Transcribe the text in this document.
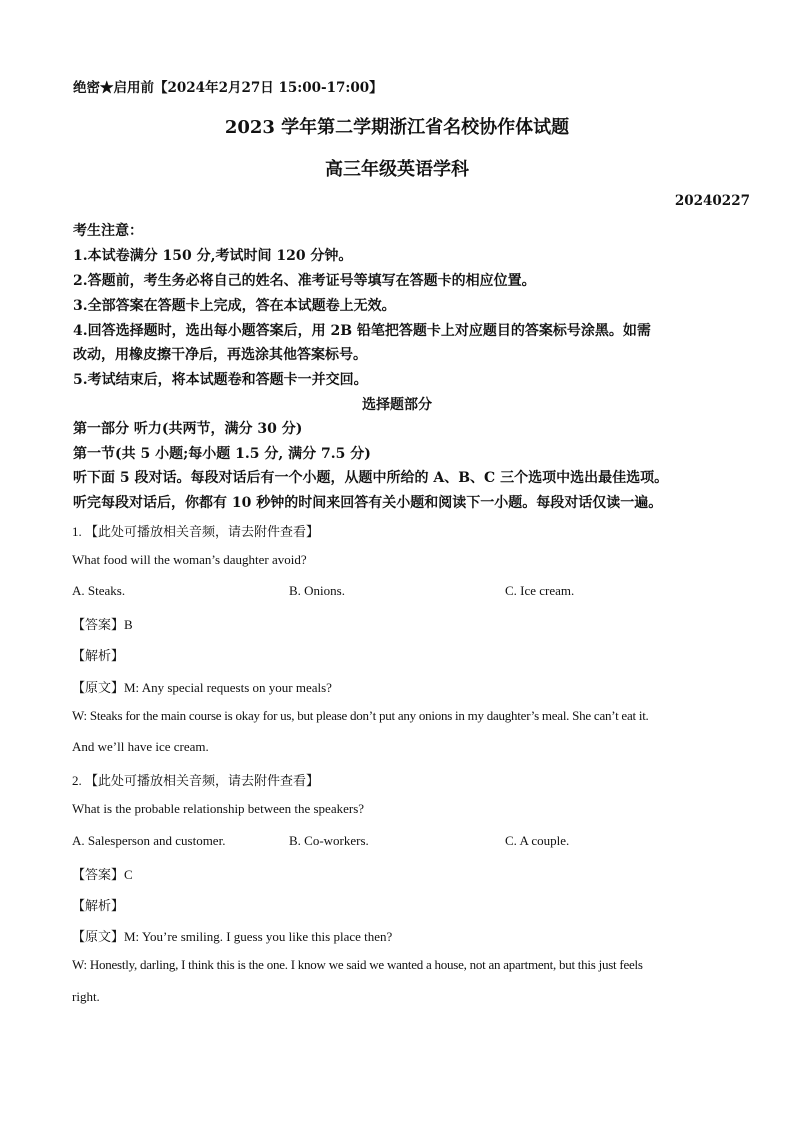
绝密★启用前【2024年2月27日 15:00-17:00】
2023 学年第二学期浙江省名校协作体试题
高三年级英语学科
20240227
考生注意：
1.本试卷满分 150 分,考试时间 120 分钟。
2.答题前，考生务必将自己的姓名、准考证号等填写在答题卡的相应位置。
3.全部答案在答题卡上完成，答在本试题卷上无效。
4.回答选择题时，选出每小题答案后，用 2B 铅笔把答题卡上对应题目的答案标号涂黑。如需
改动，用橡皮擦干净后，再选涂其他答案标号。
5.考试结束后，将本试题卷和答题卡一并交回。
选择题部分
第一部分 听力(共两节，满分 30 分)
第一节(共 5 小题;每小题 1.5 分, 满分 7.5 分)
听下面 5 段对话。每段对话后有一个小题，从题中所给的 A、B、C 三个选项中选出最佳选项。
听完每段对话后，你都有 10 秒钟的时间来回答有关小题和阅读下一小题。每段对话仅读一遍。
1. 【此处可播放相关音频，请去附件查看】
What food will the woman’s daughter avoid?
A. Steaks.	B. Onions.	C. Ice cream.
【答案】B
【解析】
【原文】M: Any special requests on your meals?
W: Steaks for the main course is okay for us, but please don’t put any onions in my daughter’s meal. She can’t eat it.
And we’ll have ice cream.
2. 【此处可播放相关音频，请去附件查看】
What is the probable relationship between the speakers?
A. Salesperson and customer.	B. Co-workers.	C. A couple.
【答案】C
【解析】
【原文】M: You’re smiling. I guess you like this place then?
W: Honestly, darling, I think this is the one. I know we said we wanted a house, not an apartment, but this just feels
right.
